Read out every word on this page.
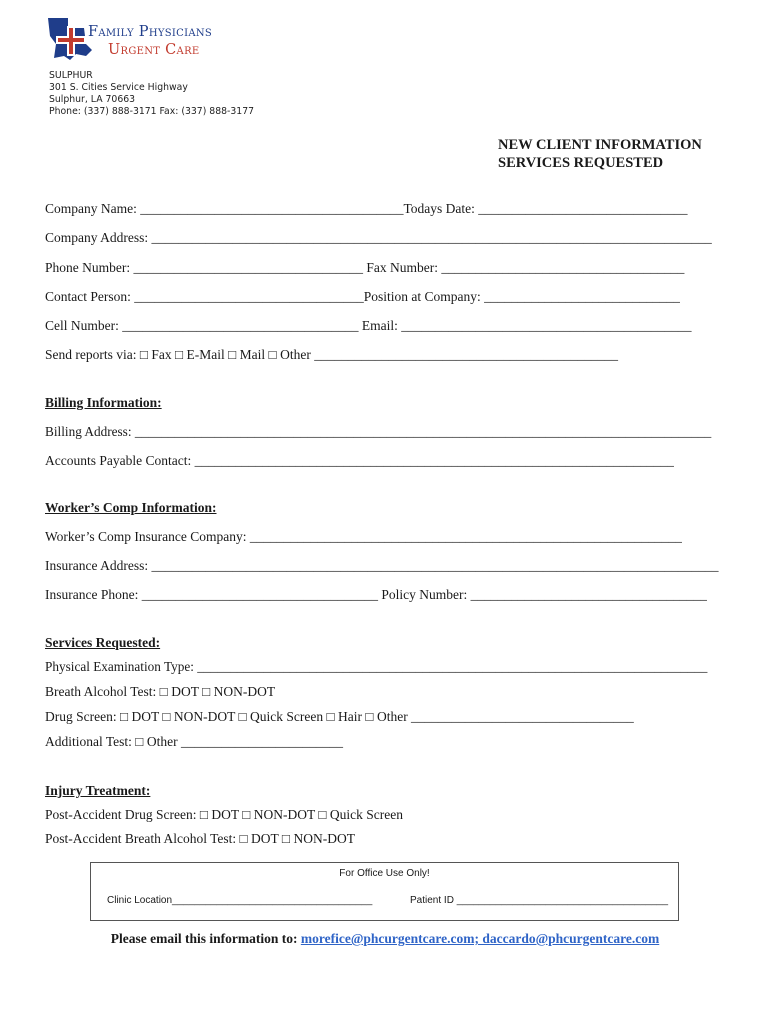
Family Physicians
Urgent Care
SULPHUR
301 S. Cities Service Highway
Sulphur, LA 70663
Phone: (337) 888-3171 Fax: (337) 888-3177
NEW CLIENT INFORMATION
SERVICES REQUESTED
Company Name: _______________________________________Todays Date: _______________________________
Company Address: ___________________________________________________________________________________
Phone Number: __________________________________ Fax Number: ____________________________________
Contact Person: __________________________________Position at Company: _____________________________
Cell Number: ___________________________________ Email: ___________________________________________
Send reports via: □ Fax □ E-Mail □ Mail □ Other _____________________________________________
Billing Information:
Billing Address: _______________________________________________________________________________________
Accounts Payable Contact: _______________________________________________________________________
Worker’s Comp Information:
Worker’s Comp Insurance Company: ________________________________________________________________
Insurance Address: ____________________________________________________________________________________
Insurance Phone: ___________________________________ Policy Number: ___________________________________
Services Requested:
Physical Examination Type: _____________________________________________________________________________
Breath Alcohol Test: □ DOT □ NON-DOT
Drug Screen: □ DOT □ NON-DOT □ Quick Screen □ Hair □ Other _________________________________
Additional Test: □ Other ________________________
Injury Treatment:
Post-Accident Drug Screen: □ DOT □ NON-DOT □ Quick Screen
Post-Accident Breath Alcohol Test: □ DOT □ NON-DOT
For Office Use Only!
Clinic Location____________________________________	Patient ID ______________________________________
Please email this information to: morefice@phcurgentcare.com; daccardo@phcurgentcare.com
